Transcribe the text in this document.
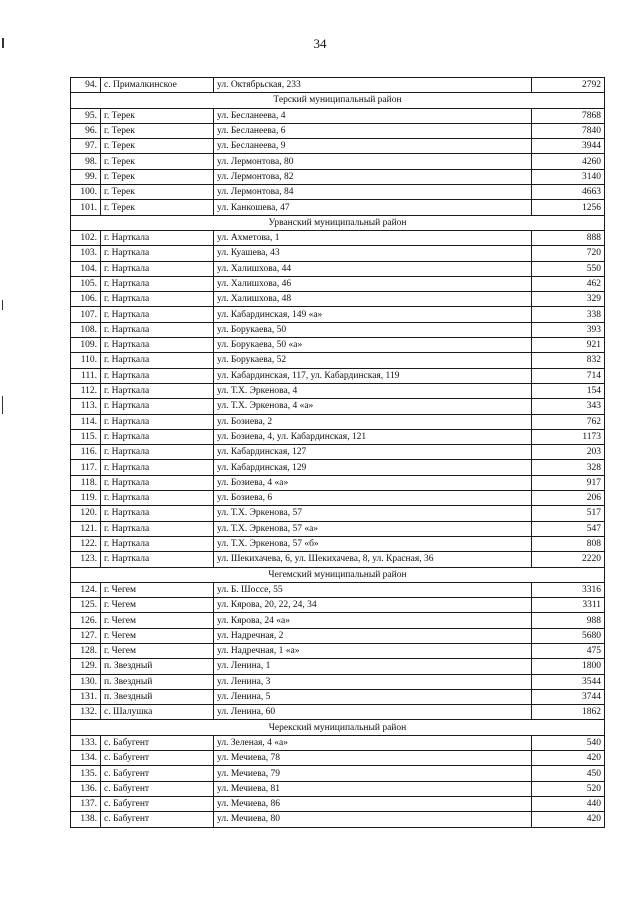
34
94.	с. Прималкинское	ул. Октябрьская, 233	2792
Терский муниципальный район			
95.	г. Терек	ул. Бесланеева, 4	7868
96.	г. Терек	ул. Бесланеева, 6	7840
97.	г. Терек	ул. Бесланеева, 9	3944
98.	г. Терек	ул. Лермонтова, 80	4260
99.	г. Терек	ул. Лермонтова, 82	3140
100.	г. Терек	ул. Лермонтова, 84	4663
101.	г. Терек	ул. Канкошева, 47	1256
Урванский муниципальный район			
102.	г. Нарткала	ул. Ахметова, 1	888
103.	г. Нарткала	ул. Куашева, 43	720
104.	г. Нарткала	ул. Халишхова, 44	550
105.	г. Нарткала	ул. Халишхова, 46	462
106.	г. Нарткала	ул. Халишхова, 48	329
107.	г. Нарткала	ул. Кабардинская, 149 «а»	338
108.	г. Нарткала	ул. Борукаева, 50	393
109.	г. Нарткала	ул. Борукаева, 50 «а»	921
110.	г. Нарткала	ул. Борукаева, 52	832
111.	г. Нарткала	ул. Кабардинская, 117, ул. Кабардинская, 119	714
112.	г. Нарткала	ул. Т.Х. Эркенова, 4	154
113.	г. Нарткала	ул. Т.Х. Эркенова, 4 «а»	343
114.	г. Нарткала	ул. Бозиева, 2	762
115.	г. Нарткала	ул. Бозиева, 4, ул. Кабардинская, 121	1173
116.	г. Нарткала	ул. Кабардинская, 127	203
117.	г. Нарткала	ул. Кабардинская, 129	328
118.	г. Нарткала	ул. Бозиева, 4 «а»	917
119.	г. Нарткала	ул. Бозиева, 6	206
120.	г. Нарткала	ул. Т.Х. Эркенова, 57	517
121.	г. Нарткала	ул. Т.Х. Эркенова, 57 «а»	547
122.	г. Нарткала	ул. Т.Х. Эркенова, 57 «б»	808
123.	г. Нарткала	ул. Шекихачева, 6, ул. Шекихачева, 8, ул. Красная, 36	2220
Чегемский муниципальный район			
124.	г. Чегем	ул. Б. Шоссе, 55	3316
125.	г. Чегем	ул. Кярова, 20, 22, 24, 34	3311
126.	г. Чегем	ул. Кярова, 24 «а»	988
127.	г. Чегем	ул. Надречная, 2	5680
128.	г. Чегем	ул. Надречная, 1 «а»	475
129.	п. Звездный	ул. Ленина, 1	1800
130.	п. Звездный	ул. Ленина, 3	3544
131.	п. Звездный	ул. Ленина, 5	3744
132.	с. Шалушка	ул. Ленина, 60	1862
Черекский муниципальный район			
133.	с. Бабугент	ул. Зеленая, 4 «а»	540
134.	с. Бабугент	ул. Мечиева, 78	420
135.	с. Бабугент	ул. Мечиева, 79	450
136.	с. Бабугент	ул. Мечиева, 81	520
137.	с. Бабугент	ул. Мечиева, 86	440
138.	с. Бабугент	ул. Мечиева, 80	420
